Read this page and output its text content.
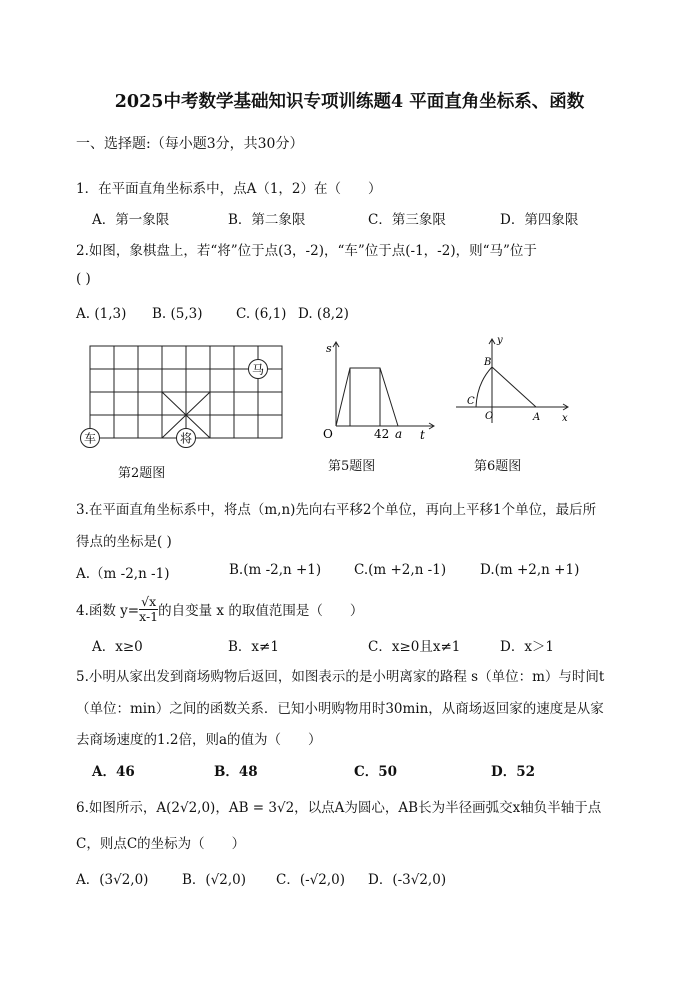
2025中考数学基础知识专项训练题4 平面直角坐标系、函数
一、选择题:（每小题3分，共30分）
1．在平面直角坐标系中，点A（1，2）在（　　）
A．第一象限	B．第二象限	C．第三象限	D．第四象限
2.如图，象棋盘上，若“将”位于点(3，-2)，“车”位于点(-1，-2)，则“马”位于
( )
A. (1,3) B. (5,3) C. (6,1) D. (8,2)
马
车	将
第2题图
s
O	42 a t
第5题图
y
B
C
O	A x
第6题图
3.在平面直角坐标系中，将点（m,n)先向右平移2个单位，再向上平移1个单位，最后所
得点的坐标是( )
A.（m -2,n -1)	B.(m -2,n +1) C.(m +2,n -1)	D.(m +2,n +1)
4.函数 $y= \frac{√x}{x-1}$ 的自变量 x 的取值范围是（　　）
A．x≥0	B．x≠1	C．x≥0且x≠1	D．x＞1
5.小明从家出发到商场购物后返回，如图表示的是小明离家的路程 s（单位：m）与时间t
（单位：min）之间的函数关系．已知小明购物用时30min，从商场返回家的速度是从家
去商场速度的1.2倍，则a的值为（　　）
A．46	B．48	C．50	D．52
6.如图所示，A(2√2,0)，AB = 3√2，以点A为圆心，AB长为半径画弧交x轴负半轴于点
C，则点C的坐标为（　　）
A．(3√2,0) B．(√2,0) C．(-√2,0) D．(-3√2,0)
